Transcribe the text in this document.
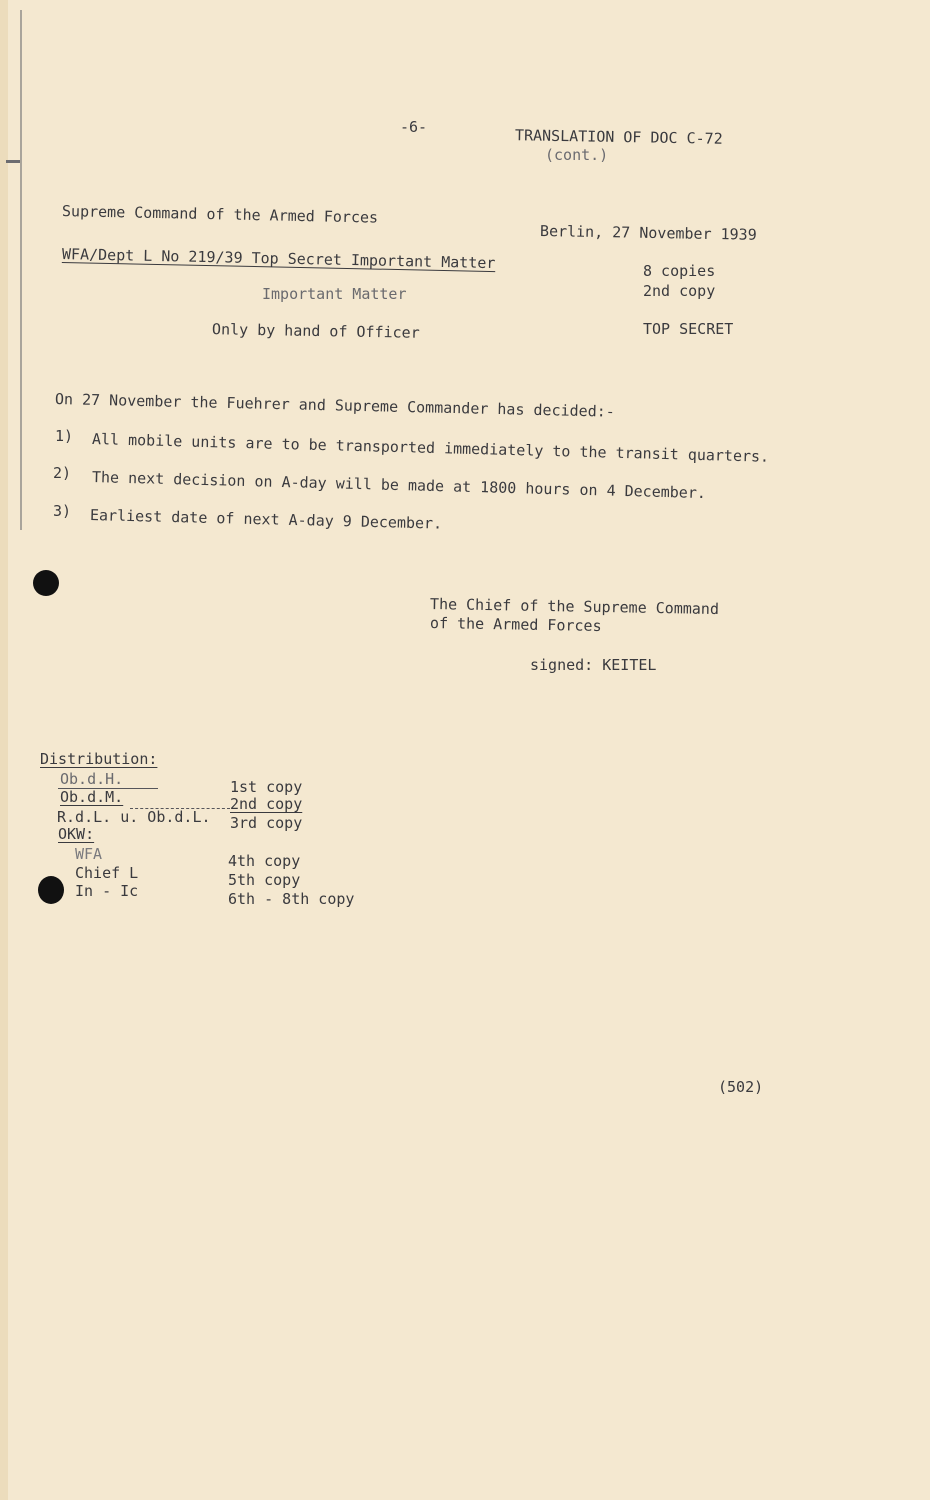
-6-	TRANSLATION OF DOC C-72
(cont.)
Supreme Command of the Armed Forces
WFA/Dept L No 219/39 Top Secret Important Matter
Important Matter
Only by hand of Officer
Berlin, 27 November 1939
8 copies
2nd copy
TOP SECRET
On 27 November the Fuehrer and Supreme Commander has decided:-
1) All mobile units are to be transported immediately to the transit quarters.
2) The next decision on A-day will be made at 1800 hours on 4 December.
3) Earliest date of next A-day 9 December.
The Chief of the Supreme Command
of the Armed Forces
signed: KEITEL
Distribution:
Ob.d.H.	1st copy
Ob.d.M.	2nd copy
R.d.L. u. Ob.d.L. 3rd copy
OKW:
WFA	4th copy
Chief L	5th copy
In - Ic	6th - 8th copy
(502)
